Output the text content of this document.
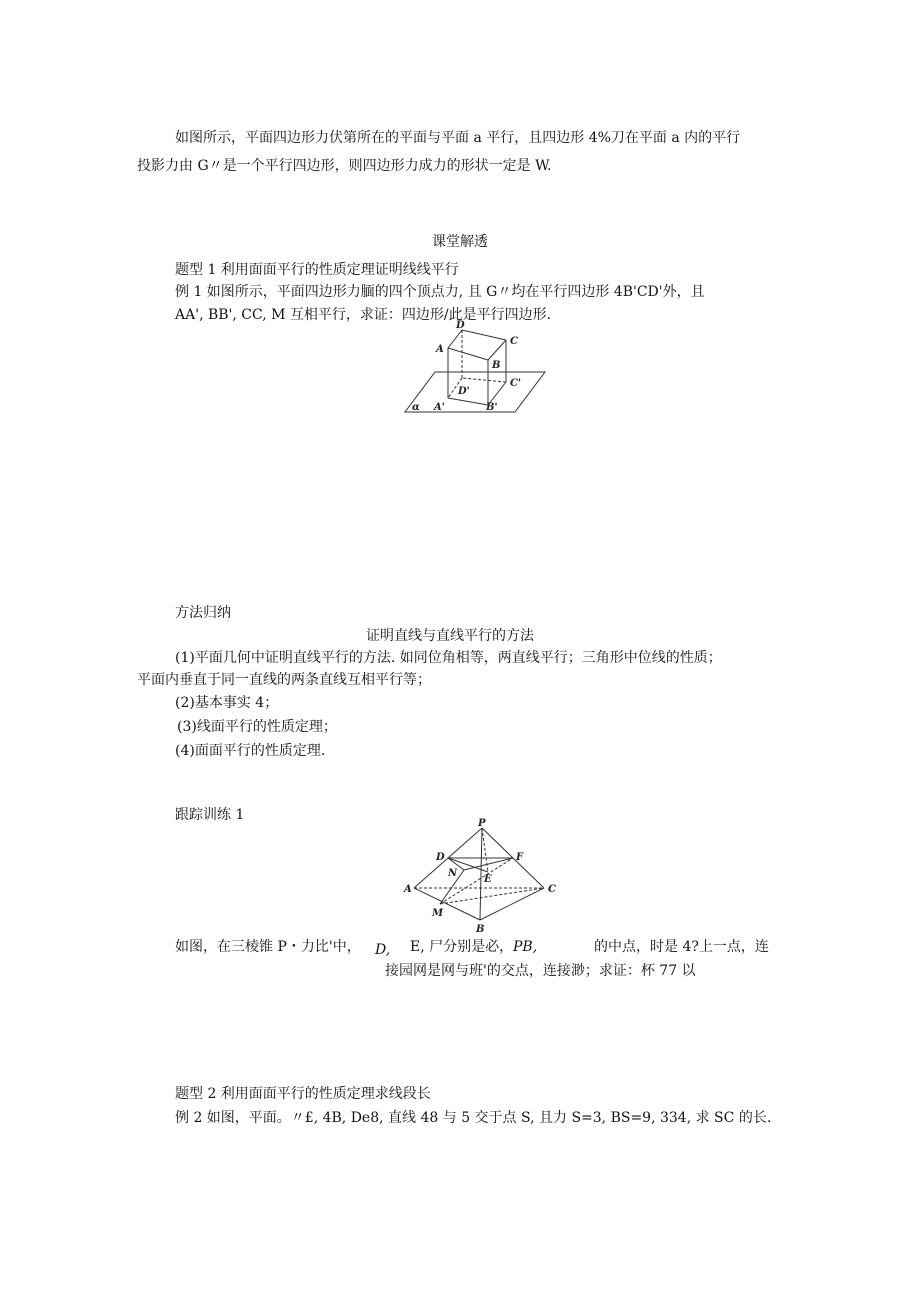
如图所示，平面四边形力伏第所在的平面与平面 a 平行，且四边形 4%刀在平面 a 内的平行
投影力由 G〃是一个平行四边形，则四边形力成力的形状一定是 W.
课堂解透
题型 1 利用面面平行的性质定理证明线线平行
例 1 如图所示，平面四边形力腼的四个顶点力, 且 G〃均在平行四边形 4B'CD'外，且
AA', BB', CC, M 互相平行，求证：四边形/此是平行四边形.
D
A
C
B
D'
C'
A'	B'
α
方法归纳
证明直线与直线平行的方法
(1)平面几何中证明直线平行的方法. 如同位角相等，两直线平行；三角形中位线的性质；
平面内垂直于同一直线的两条直线互相平行等；
(2)基本事实 4；
(3)线面平行的性质定理；
(4)面面平行的性质定理.
跟踪训练 1
P
D	F
N
E
A	C
M
B
如图，在三棱锥 P・力比'中， D, E, 尸分别是必， PB,	的中点，时是 4?上一点，连
接园网是网与班'的交点，连接渺；求证：杯 77 以
题型 2 利用面面平行的性质定理求线段长
例 2 如图，平面。〃£, 4B, De8, 直线 48 与 5 交于点 S, 且力 S=3, BS=9, 334, 求 SC 的长.
